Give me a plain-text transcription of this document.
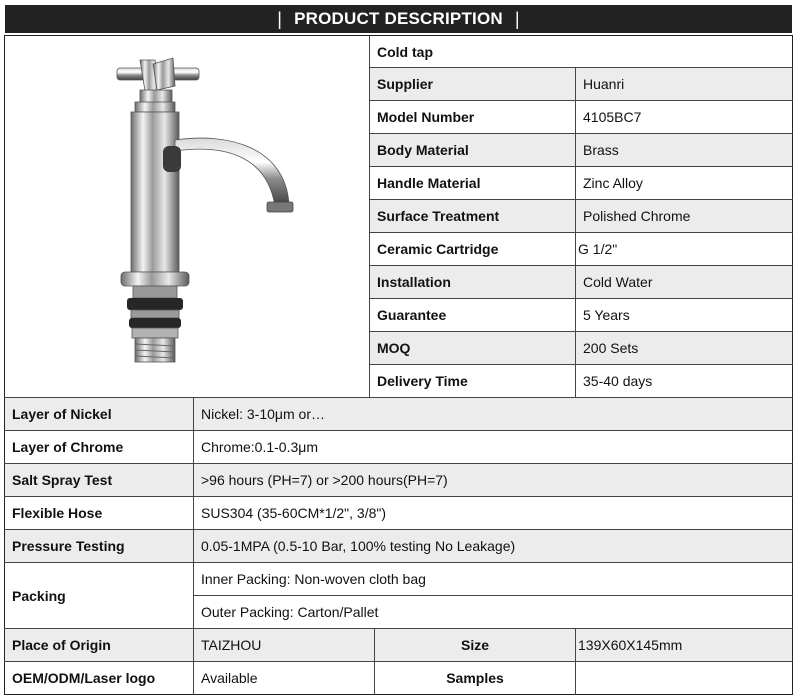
| PRODUCT DESCRIPTION |
Cold tap
Supplier	Huanri
Model Number	4105BC7
Body Material	Brass
Handle Material	Zinc Alloy
Surface Treatment	Polished Chrome
Ceramic Cartridge	G 1/2"
Installation	Cold Water
Guarantee	5 Years
MOQ	200 Sets
Delivery Time	35-40 days
Layer of Nickel	Nickel: 3-10μm or…
Layer of Chrome	Chrome:0.1-0.3μm
Salt Spray Test	>96 hours (PH=7) or >200 hours(PH=7)
Flexible Hose	SUS304 (35-60CM*1/2", 3/8")
Pressure Testing	0.05-1MPA (0.5-10 Bar, 100% testing No Leakage)
Packing
Inner Packing: Non-woven cloth bag
Outer Packing: Carton/Pallet
Place of Origin	TAIZHOU	Size	139X60X145mm
OEM/ODM/Laser logo	Available	Samples
